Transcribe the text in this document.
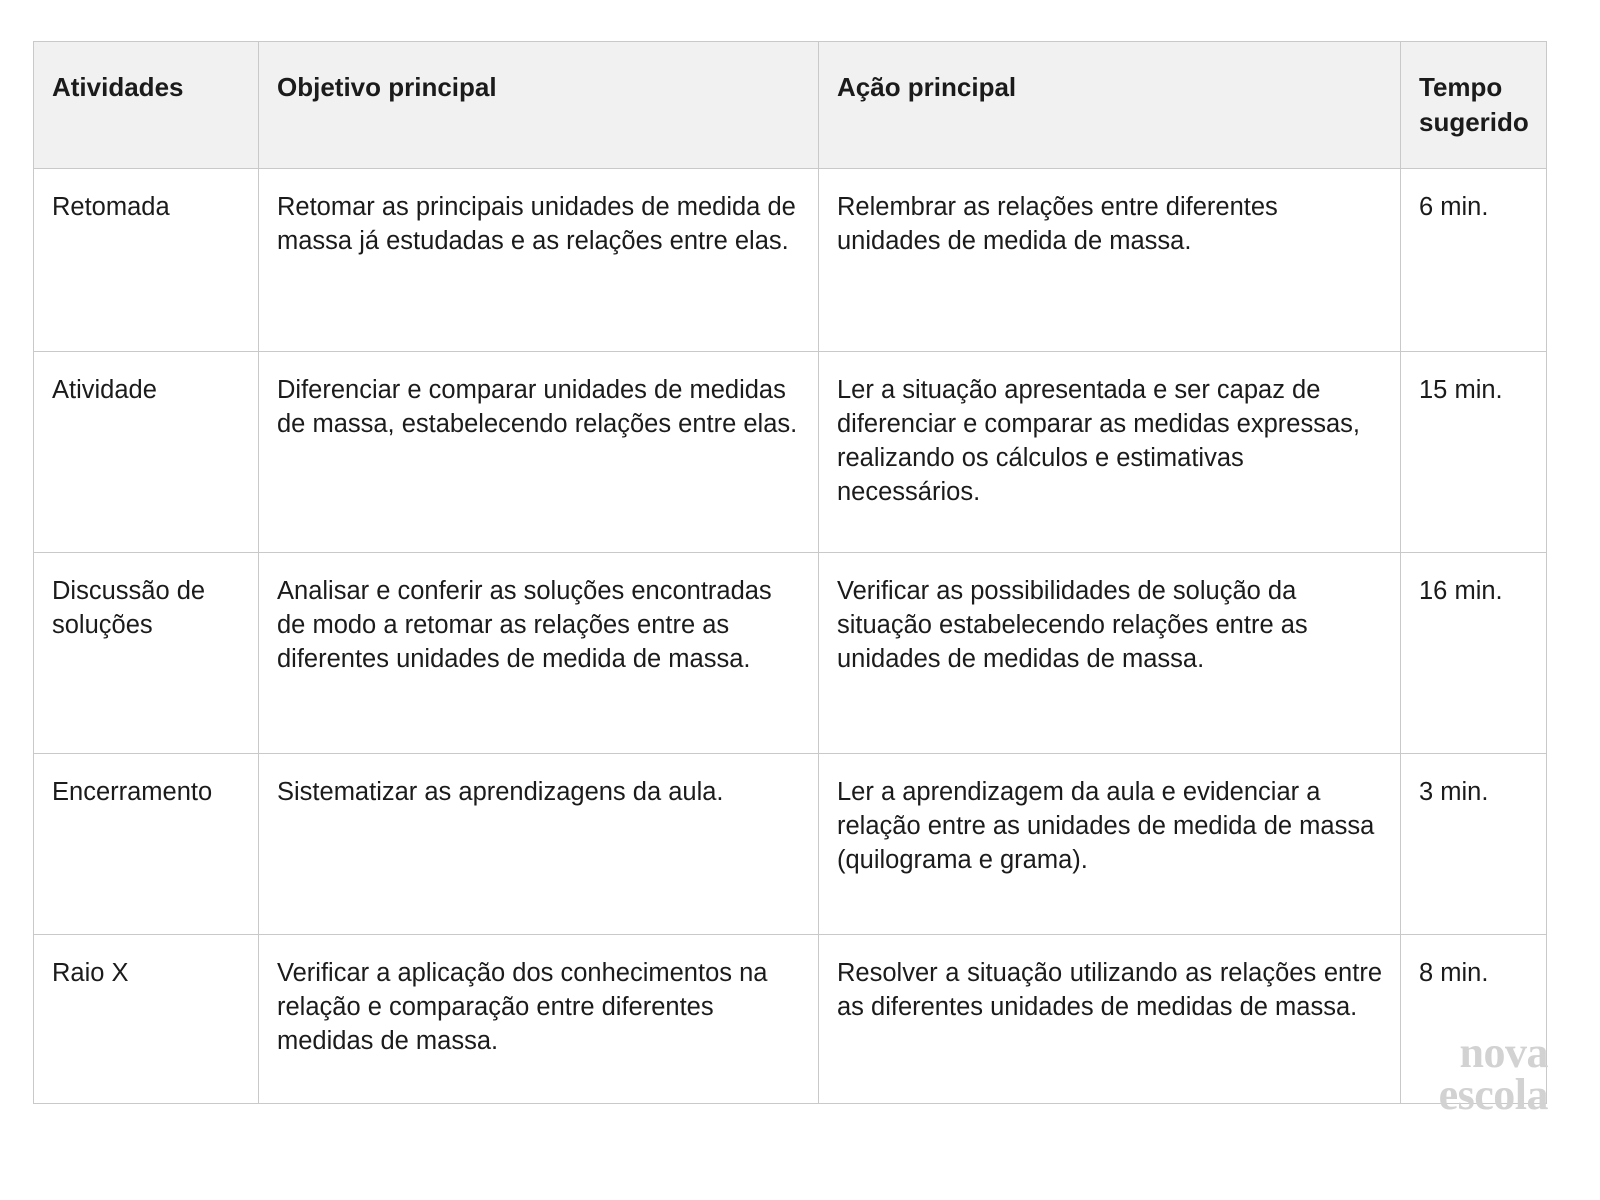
Atividades	Objetivo principal	Ação principal	Tempo sugerido
Retomada	Retomar as principais unidades de medida de massa já estudadas e as relações entre elas.	Relembrar as relações entre diferentes unidades de medida de massa.	6 min.
Atividade	Diferenciar e comparar unidades de medidas de massa, estabelecendo relações entre elas.	Ler a situação apresentada e ser capaz de diferenciar e comparar as medidas expressas, realizando os cálculos e estimativas necessários.	15 min.
Discussão de soluções	Analisar e conferir as soluções encontradas de modo a retomar as relações entre as diferentes unidades de medida de massa.	Verificar as possibilidades de solução da situação estabelecendo relações entre as unidades de medidas de massa.	16 min.
Encerramento	Sistematizar as aprendizagens da aula.	Ler a aprendizagem da aula e evidenciar a relação entre as unidades de medida de massa (quilograma e grama).	3 min.
Raio X	Verificar a aplicação dos conhecimentos na relação e comparação entre diferentes medidas de massa.	Resolver a situação utilizando as relações entre as diferentes unidades de medidas de massa.	8 min.
nova
escola
